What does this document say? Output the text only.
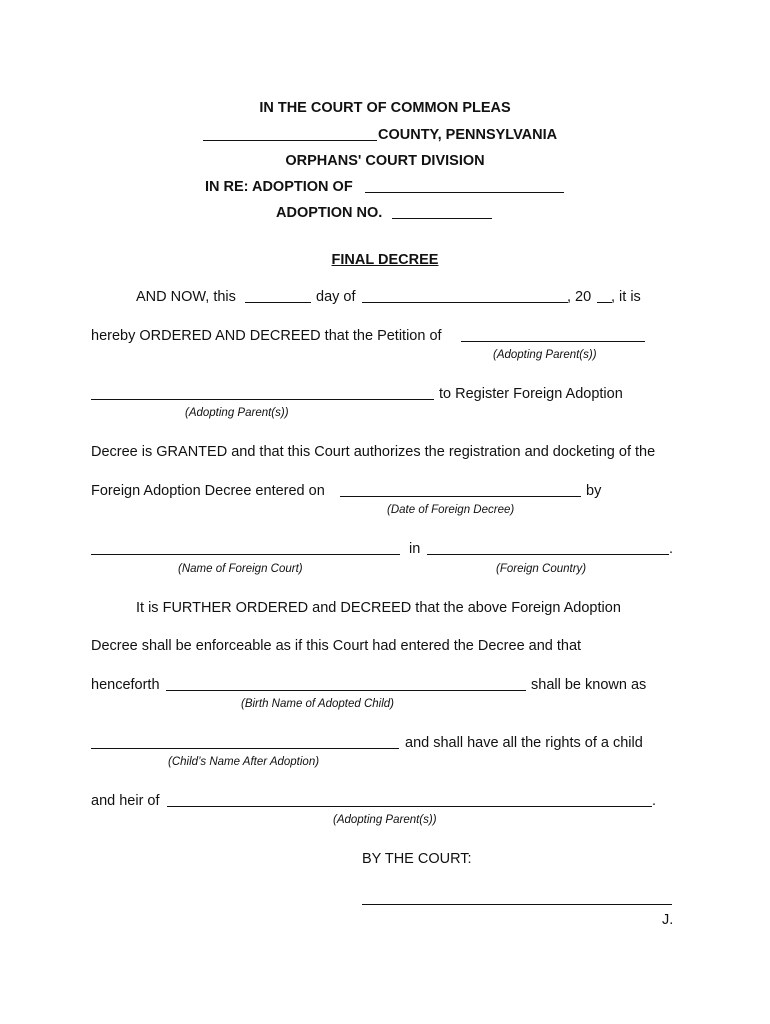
IN THE COURT OF COMMON PLEAS
COUNTY, PENNSYLVANIA
ORPHANS' COURT DIVISION
IN RE: ADOPTION OF
ADOPTION NO.
FINAL DECREE
AND NOW, this	day of	, 20 , it is
hereby ORDERED AND DECREED that the Petition of
(Adopting Parent(s))
to Register Foreign Adoption
(Adopting Parent(s))
Decree is GRANTED and that this Court authorizes the registration and docketing of the
Foreign Adoption Decree entered on	by
(Date of Foreign Decree)
in	.
(Name of Foreign Court)	(Foreign Country)
It is FURTHER ORDERED and DECREED that the above Foreign Adoption
Decree shall be enforceable as if this Court had entered the Decree and that
henceforth	shall be known as
(Birth Name of Adopted Child)
and shall have all the rights of a child
(Child’s Name After Adoption)
and heir of	.
(Adopting Parent(s))
BY THE COURT:
J.
